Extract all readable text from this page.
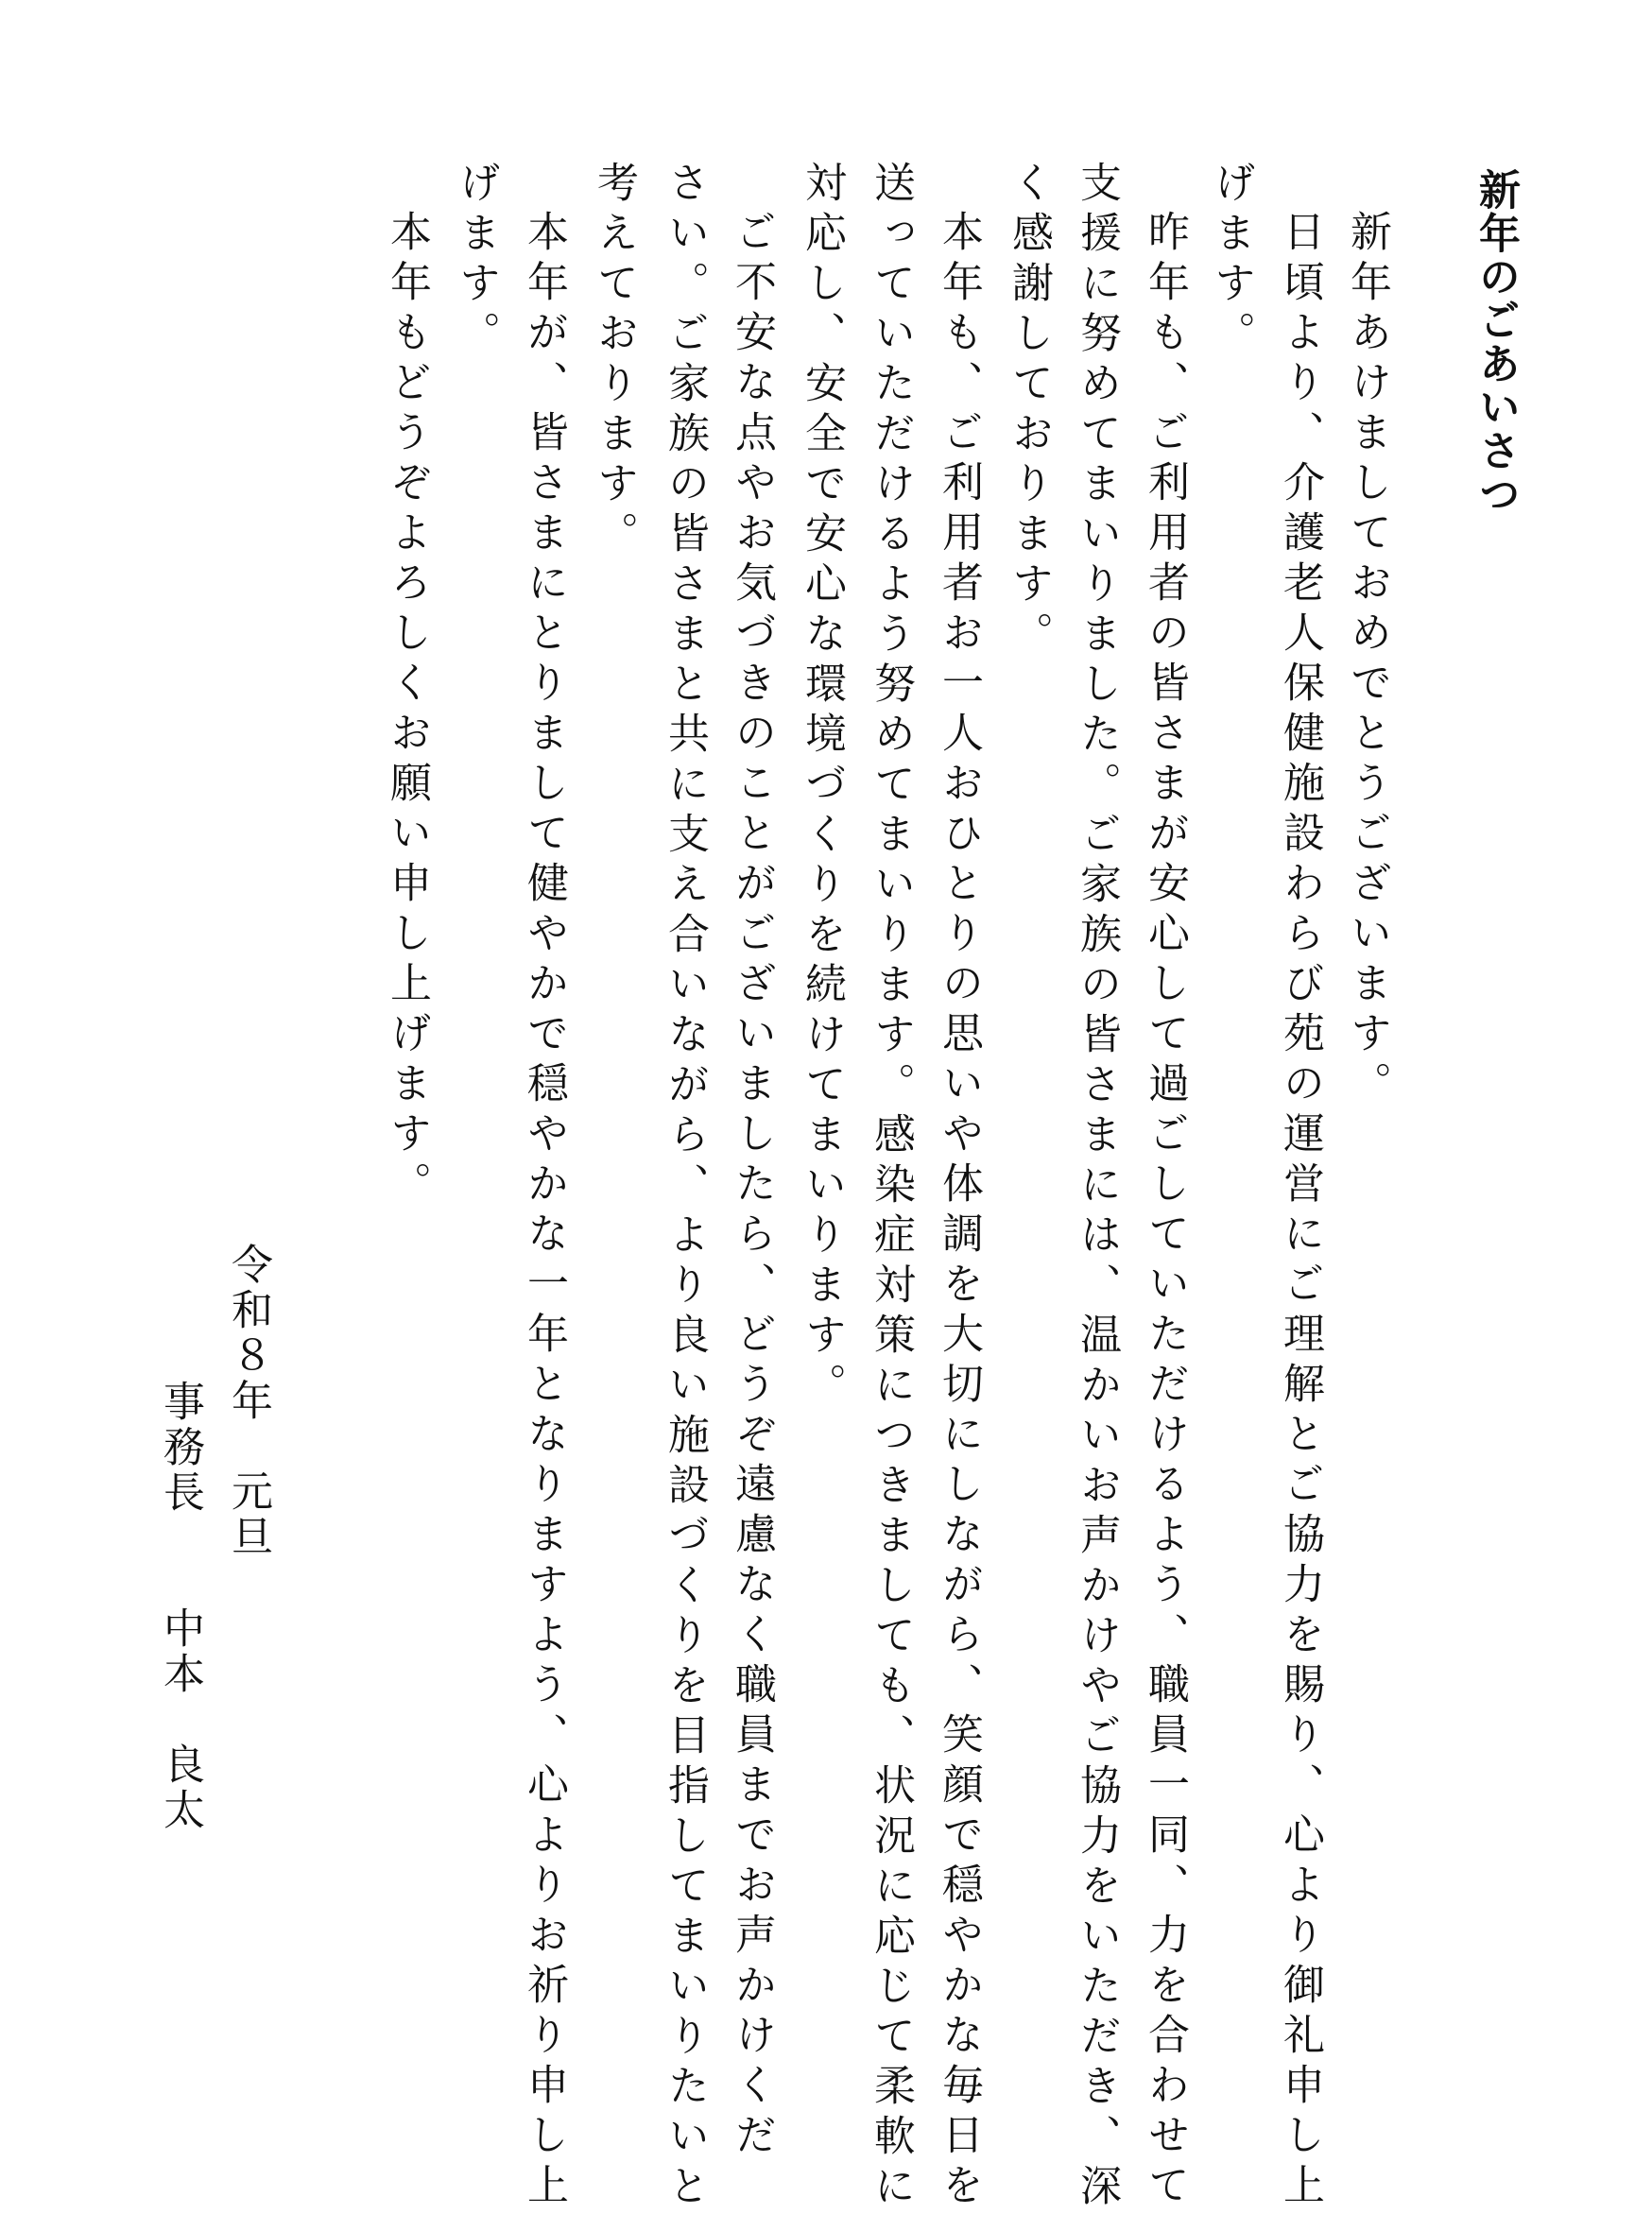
新年のごあいさつ
新年あけましておめでとうございます。
日頃より、介護老人保健施設わらび苑の運営にご理解とご協力を賜り、心より御礼申し上
げます。
昨年も、ご利用者の皆さまが安心して過ごしていただけるよう、職員一同、力を合わせて
支援に努めてまいりました。ご家族の皆さまには、温かいお声かけやご協力をいただき、深
く感謝しております。
本年も、ご利用者お一人おひとりの思いや体調を大切にしながら、笑顔で穏やかな毎日を
送っていただけるよう努めてまいります。感染症対策につきましても、状況に応じて柔軟に
対応し、安全で安心な環境づくりを続けてまいります。
ご不安な点やお気づきのことがございましたら、どうぞ遠慮なく職員までお声かけくだ
さい。ご家族の皆さまと共に支え合いながら、より良い施設づくりを目指してまいりたいと
考えております。
本年が、皆さまにとりまして健やかで穏やかな一年となりますよう、心よりお祈り申し上
げます。
本年もどうぞよろしくお願い申し上げます。
令和８年　元旦
事務長　　中本　良太
